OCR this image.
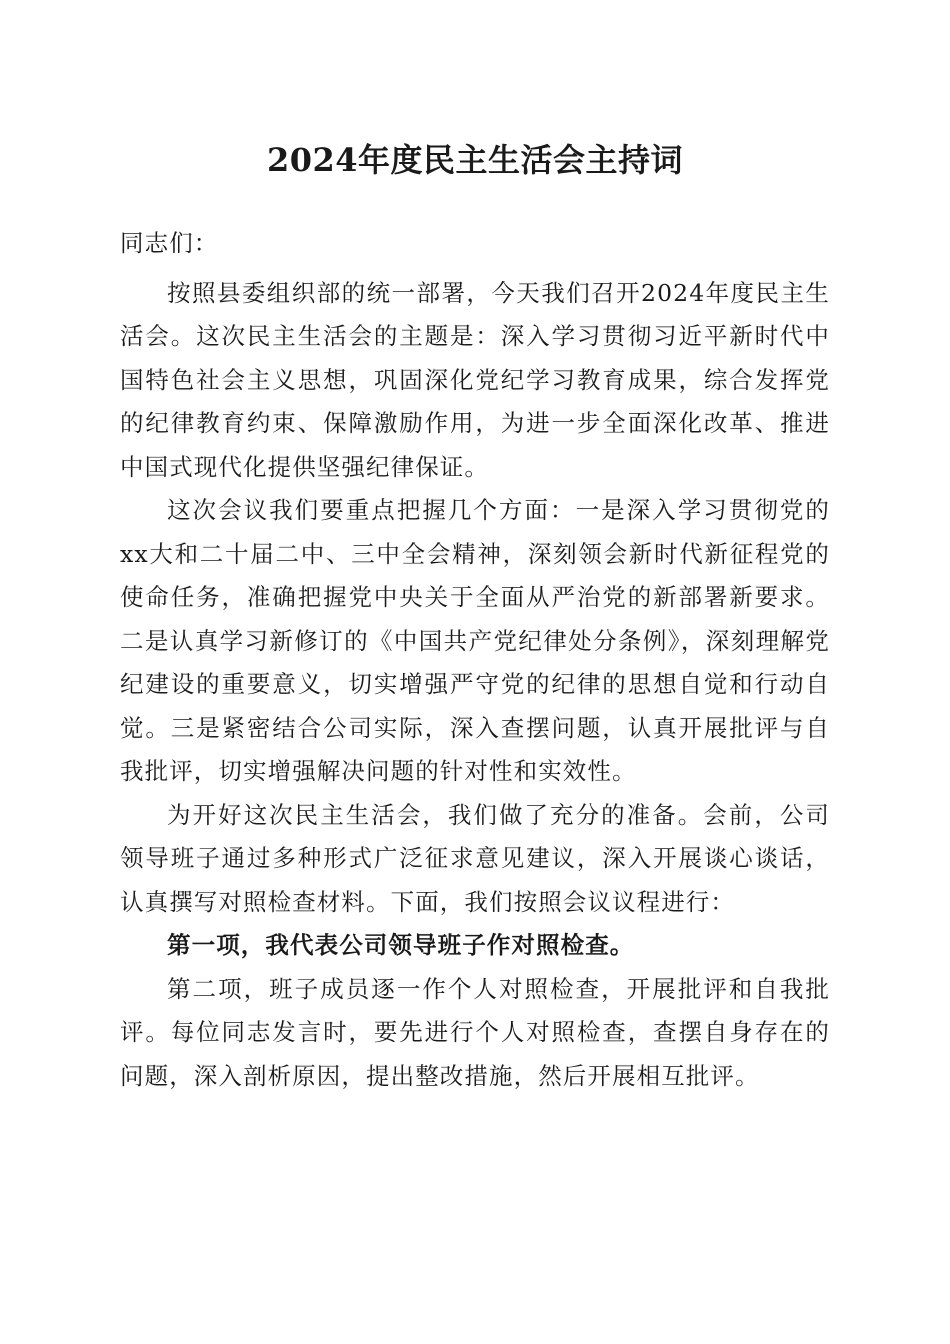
2024年度民主生活会主持词

同志们：

按照县委组织部的统一部署，今天我们召开2024年度民主生活会。这次民主生活会的主题是：深入学习贯彻习近平新时代中国特色社会主义思想，巩固深化党纪学习教育成果，综合发挥党的纪律教育约束、保障激励作用，为进一步全面深化改革、推进中国式现代化提供坚强纪律保证。

这次会议我们要重点把握几个方面：一是深入学习贯彻党的xx大和二十届二中、三中全会精神，深刻领会新时代新征程党的使命任务，准确把握党中央关于全面从严治党的新部署新要求。二是认真学习新修订的《中国共产党纪律处分条例》，深刻理解党纪建设的重要意义，切实增强严守党的纪律的思想自觉和行动自觉。三是紧密结合公司实际，深入查摆问题，认真开展批评与自我批评，切实增强解决问题的针对性和实效性。

为开好这次民主生活会，我们做了充分的准备。会前，公司领导班子通过多种形式广泛征求意见建议，深入开展谈心谈话，认真撰写对照检查材料。下面，我们按照会议议程进行：

第一项，我代表公司领导班子作对照检查。

第二项，班子成员逐一作个人对照检查，开展批评和自我批评。每位同志发言时，要先进行个人对照检查，查摆自身存在的问题，深入剖析原因，提出整改措施，然后开展相互批评。
